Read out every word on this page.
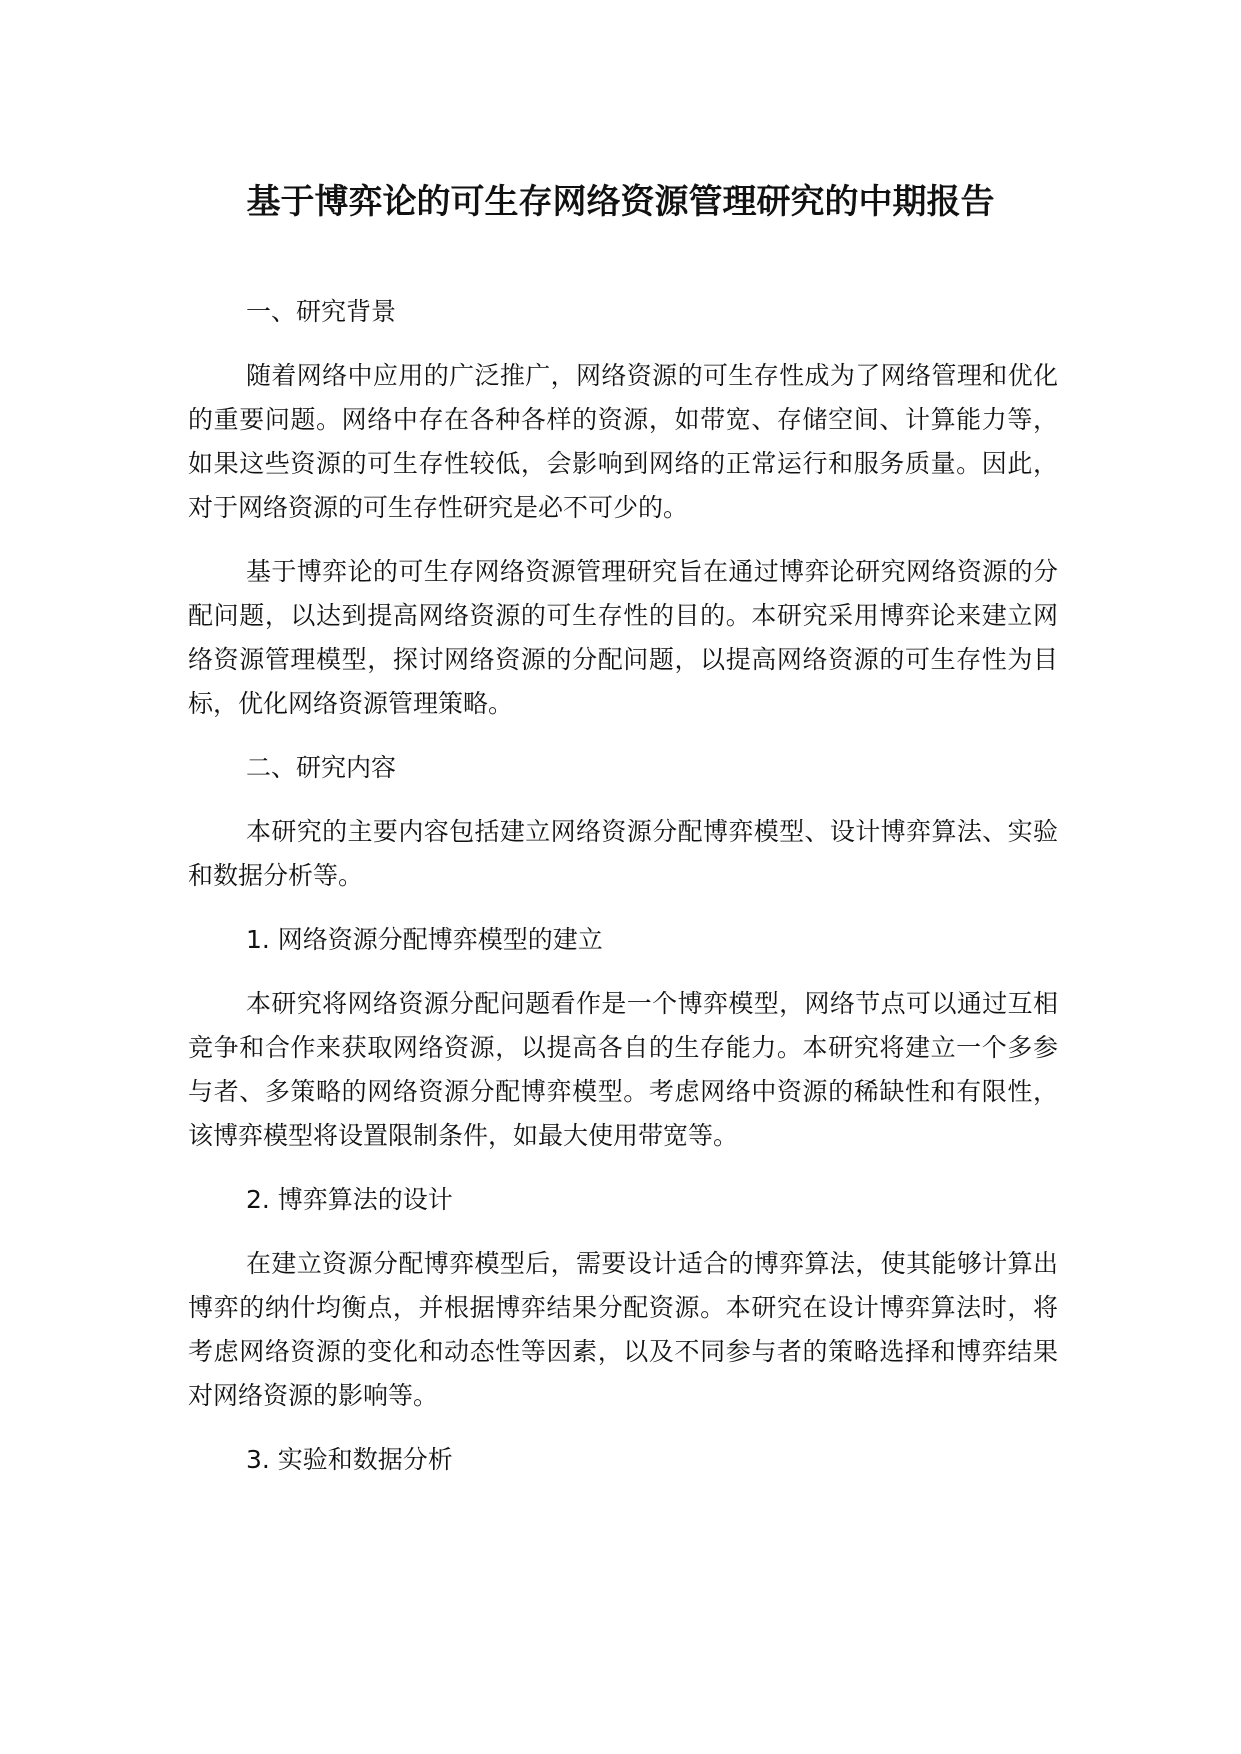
基于博弈论的可生存网络资源管理研究的中期报告

一、研究背景

随着网络中应用的广泛推广，网络资源的可生存性成为了网络管理和优化的重要问题。网络中存在各种各样的资源，如带宽、存储空间、计算能力等，如果这些资源的可生存性较低，会影响到网络的正常运行和服务质量。因此，对于网络资源的可生存性研究是必不可少的。

基于博弈论的可生存网络资源管理研究旨在通过博弈论研究网络资源的分配问题，以达到提高网络资源的可生存性的目的。本研究采用博弈论来建立网络资源管理模型，探讨网络资源的分配问题，以提高网络资源的可生存性为目标，优化网络资源管理策略。

二、研究内容

本研究的主要内容包括建立网络资源分配博弈模型、设计博弈算法、实验和数据分析等。

1. 网络资源分配博弈模型的建立

本研究将网络资源分配问题看作是一个博弈模型，网络节点可以通过互相竞争和合作来获取网络资源，以提高各自的生存能力。本研究将建立一个多参与者、多策略的网络资源分配博弈模型。考虑网络中资源的稀缺性和有限性，该博弈模型将设置限制条件，如最大使用带宽等。

2. 博弈算法的设计

在建立资源分配博弈模型后，需要设计适合的博弈算法，使其能够计算出博弈的纳什均衡点，并根据博弈结果分配资源。本研究在设计博弈算法时，将考虑网络资源的变化和动态性等因素，以及不同参与者的策略选择和博弈结果对网络资源的影响等。

3. 实验和数据分析
